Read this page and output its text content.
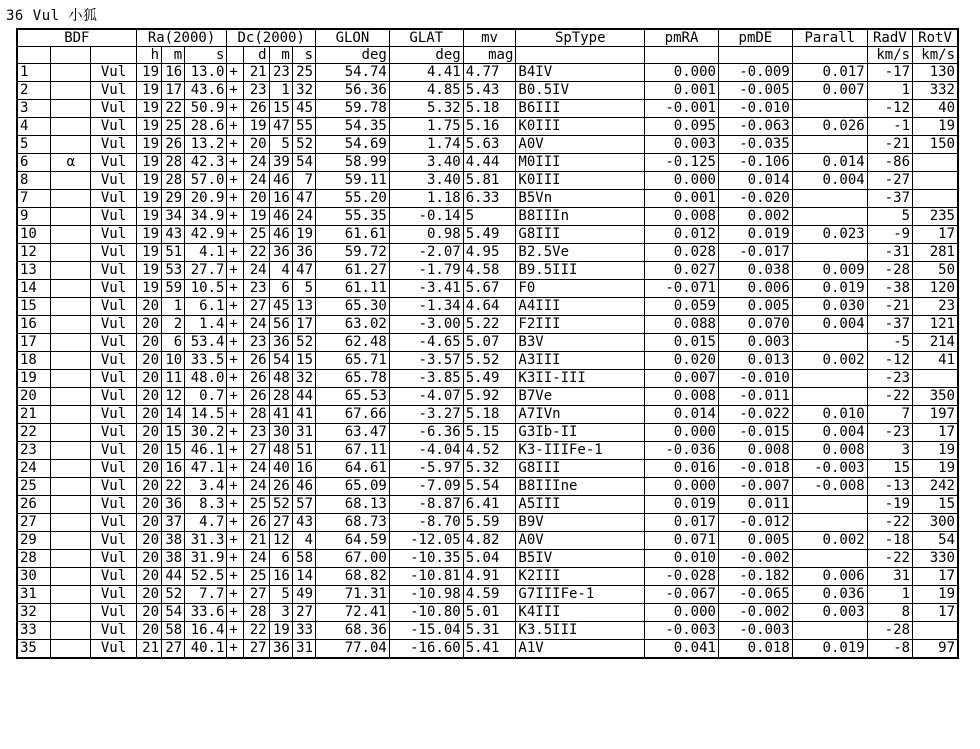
36 Vul 小狐
BDF			Ra(2000)			Dc(2000)				GLON	GLAT	mv	SpType	pmRA	pmDE	Parall	RadV	RotV
			h	m	s		d	m	s	deg	deg	mag					km/s	km/s
1		Vul	19	16	13.0	+	21	23	25	54.74	4.41	4.77	B4IV	0.000	-0.009	0.017	-17	130
2		Vul	19	17	43.6	+	23	1	32	56.36	4.85	5.43	B0.5IV	0.001	-0.005	0.007	1	332
3		Vul	19	22	50.9	+	26	15	45	59.78	5.32	5.18	B6III	-0.001	-0.010		-12	40
4		Vul	19	25	28.6	+	19	47	55	54.35	1.75	5.16	K0III	0.095	-0.063	0.026	-1	19
5		Vul	19	26	13.2	+	20	5	52	54.69	1.74	5.63	A0V	0.003	-0.035		-21	150
6	α	Vul	19	28	42.3	+	24	39	54	58.99	3.40	4.44	M0III	-0.125	-0.106	0.014	-86	
8		Vul	19	28	57.0	+	24	46	7	59.11	3.40	5.81	K0III	0.000	0.014	0.004	-27	
7		Vul	19	29	20.9	+	20	16	47	55.20	1.18	6.33	B5Vn	0.001	-0.020		-37	
9		Vul	19	34	34.9	+	19	46	24	55.35	-0.14	5	B8IIIn	0.008	0.002		5	235
10		Vul	19	43	42.9	+	25	46	19	61.61	0.98	5.49	G8III	0.012	0.019	0.023	-9	17
12		Vul	19	51	4.1	+	22	36	36	59.72	-2.07	4.95	B2.5Ve	0.028	-0.017		-31	281
13		Vul	19	53	27.7	+	24	4	47	61.27	-1.79	4.58	B9.5III	0.027	0.038	0.009	-28	50
14		Vul	19	59	10.5	+	23	6	5	61.11	-3.41	5.67	F0	-0.071	0.006	0.019	-38	120
15		Vul	20	1	6.1	+	27	45	13	65.30	-1.34	4.64	A4III	0.059	0.005	0.030	-21	23
16		Vul	20	2	1.4	+	24	56	17	63.02	-3.00	5.22	F2III	0.088	0.070	0.004	-37	121
17		Vul	20	6	53.4	+	23	36	52	62.48	-4.65	5.07	B3V	0.015	0.003		-5	214
18		Vul	20	10	33.5	+	26	54	15	65.71	-3.57	5.52	A3III	0.020	0.013	0.002	-12	41
19		Vul	20	11	48.0	+	26	48	32	65.78	-3.85	5.49	K3II-III	0.007	-0.010		-23	
20		Vul	20	12	0.7	+	26	28	44	65.53	-4.07	5.92	B7Ve	0.008	-0.011		-22	350
21		Vul	20	14	14.5	+	28	41	41	67.66	-3.27	5.18	A7IVn	0.014	-0.022	0.010	7	197
22		Vul	20	15	30.2	+	23	30	31	63.47	-6.36	5.15	G3Ib-II	0.000	-0.015	0.004	-23	17
23		Vul	20	15	46.1	+	27	48	51	67.11	-4.04	4.52	K3-IIIFe-1	-0.036	0.008	0.008	3	19
24		Vul	20	16	47.1	+	24	40	16	64.61	-5.97	5.32	G8III	0.016	-0.018	-0.003	15	19
25		Vul	20	22	3.4	+	24	26	46	65.09	-7.09	5.54	B8IIIne	0.000	-0.007	-0.008	-13	242
26		Vul	20	36	8.3	+	25	52	57	68.13	-8.87	6.41	A5III	0.019	0.011		-19	15
27		Vul	20	37	4.7	+	26	27	43	68.73	-8.70	5.59	B9V	0.017	-0.012		-22	300
29		Vul	20	38	31.3	+	21	12	4	64.59	-12.05	4.82	A0V	0.071	0.005	0.002	-18	54
28		Vul	20	38	31.9	+	24	6	58	67.00	-10.35	5.04	B5IV	0.010	-0.002		-22	330
30		Vul	20	44	52.5	+	25	16	14	68.82	-10.81	4.91	K2III	-0.028	-0.182	0.006	31	17
31		Vul	20	52	7.7	+	27	5	49	71.31	-10.98	4.59	G7IIIFe-1	-0.067	-0.065	0.036	1	19
32		Vul	20	54	33.6	+	28	3	27	72.41	-10.80	5.01	K4III	0.000	-0.002	0.003	8	17
33		Vul	20	58	16.4	+	22	19	33	68.36	-15.04	5.31	K3.5III	-0.003	-0.003		-28	
35		Vul	21	27	40.1	+	27	36	31	77.04	-16.60	5.41	A1V	0.041	0.018	0.019	-8	97
